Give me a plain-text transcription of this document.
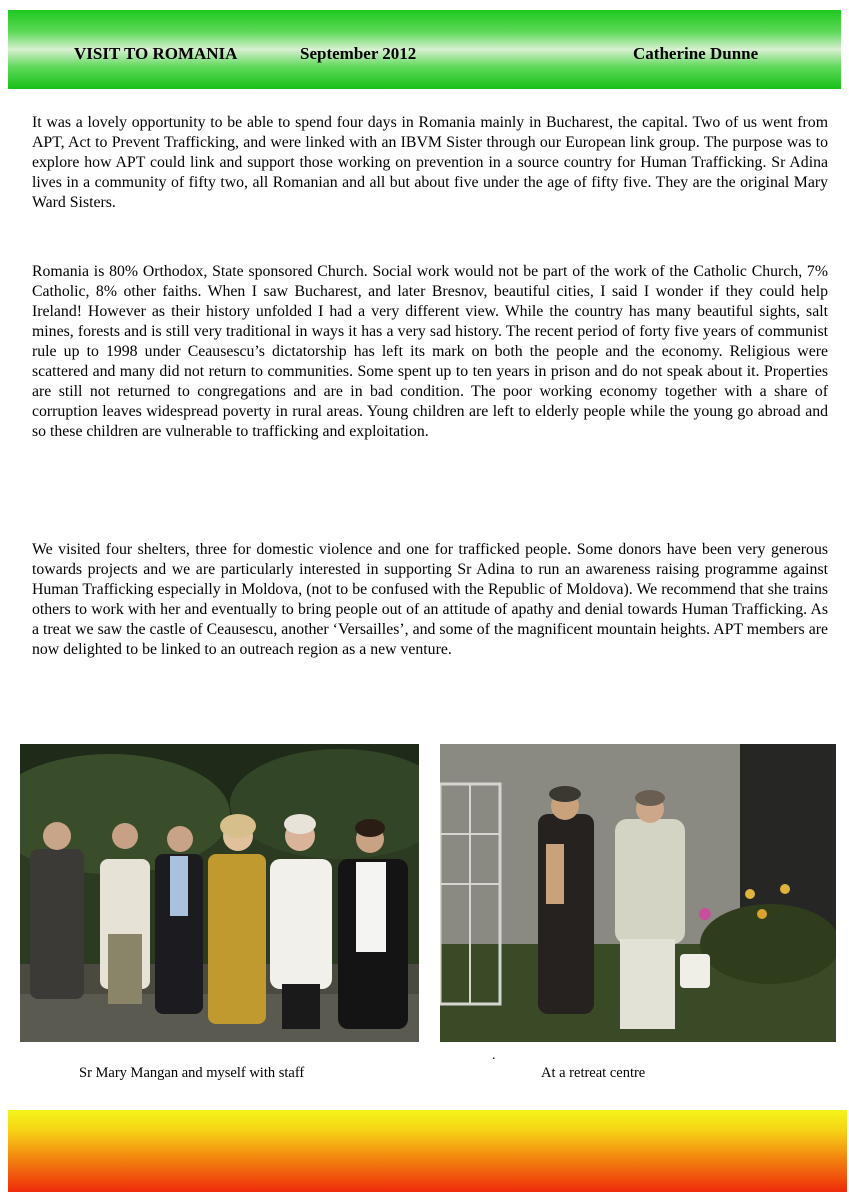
VISIT TO ROMANIA	September 2012	Catherine Dunne

It was a lovely opportunity to be able to spend four days in Romania mainly in Bucharest, the capital. Two of us went from APT, Act to Prevent Trafficking, and were linked with an IBVM Sister through our European link group. The purpose was to explore how APT could link and support those working on prevention in a source country for Human Trafficking. Sr Adina lives in a community of fifty two, all Romanian and all but about five under the age of fifty five. They are the original Mary Ward Sisters.

Romania is 80% Orthodox, State sponsored Church. Social work would not be part of the work of the Catholic Church, 7% Catholic, 8% other faiths. When I saw Bucharest, and later Bresnov, beautiful cities, I said I wonder if they could help Ireland! However as their history unfolded I had a very different view. While the country has many beautiful sights, salt mines, forests and is still very traditional in ways it has a very sad history. The recent period of forty five years of communist rule up to 1998 under Ceausescu’s dictatorship has left its mark on both the people and the economy. Religious were scattered and many did not return to communities. Some spent up to ten years in prison and do not speak about it. Properties are still not returned to congregations and are in bad condition. The poor working economy together with a share of corruption leaves widespread poverty in rural areas. Young children are left to elderly people while the young go abroad and so these children are vulnerable to trafficking and exploitation.

We visited four shelters, three for domestic violence and one for trafficked people. Some donors have been very generous towards projects and we are particularly interested in supporting Sr Adina to run an awareness raising programme against Human Trafficking especially in Moldova, (not to be confused with the Republic of Moldova). We recommend that she trains others to work with her and eventually to bring people out of an attitude of apathy and denial towards Human Trafficking. As a treat we saw the castle of Ceausescu, another ‘Versailles’, and some of the magnificent mountain heights. APT members are now delighted to be linked to an outreach region as a new venture.

Sr Mary Mangan and myself with staff
.
At a retreat centre
